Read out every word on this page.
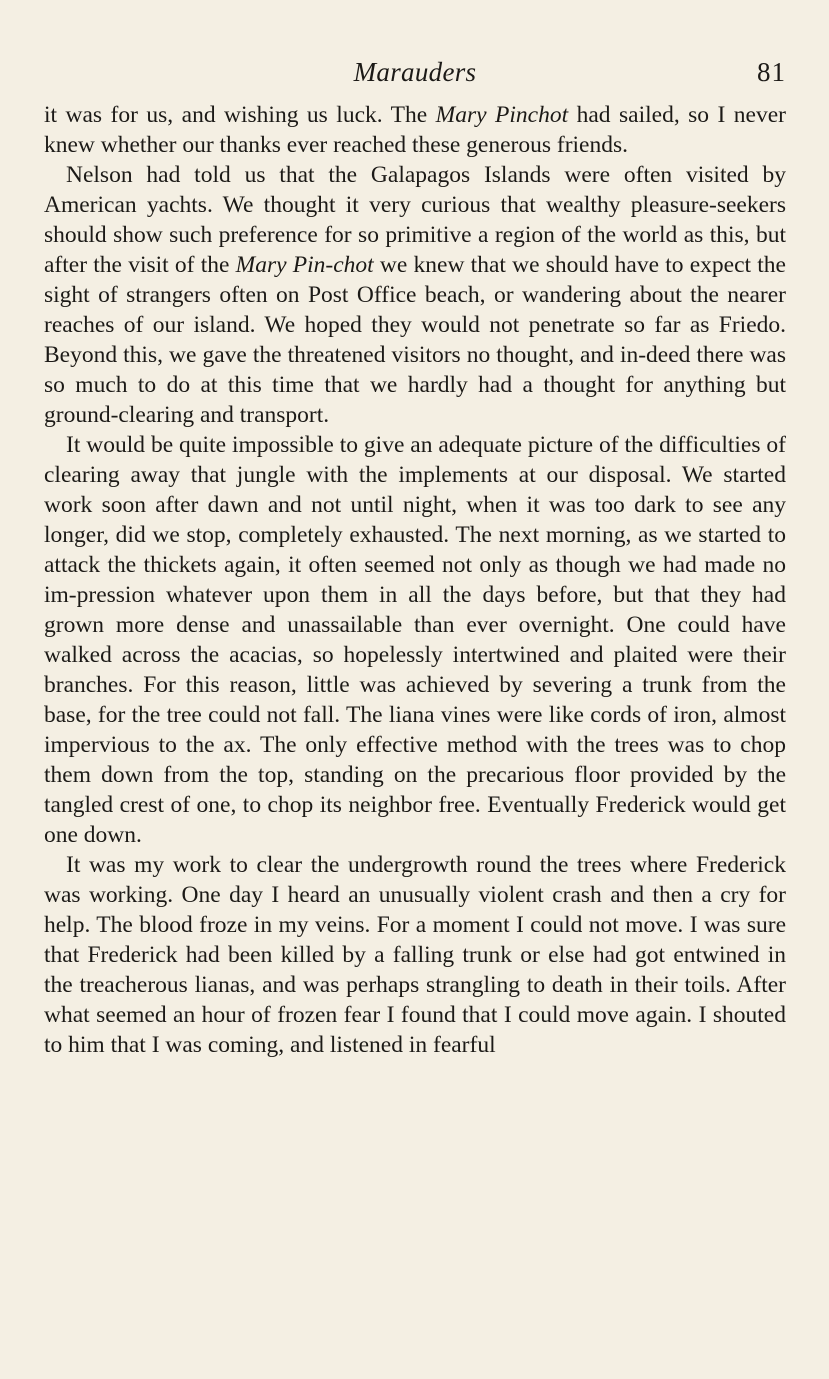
Marauders	81

it was for us, and wishing us luck. The Mary Pinchot had sailed, so I never knew whether our thanks ever reached these generous friends.

Nelson had told us that the Galapagos Islands were often visited by American yachts. We thought it very curious that wealthy pleasure-seekers should show such preference for so primitive a region of the world as this, but after the visit of the Mary Pin-chot we knew that we should have to expect the sight of strangers often on Post Office beach, or wandering about the nearer reaches of our island. We hoped they would not penetrate so far as Friedo. Beyond this, we gave the threatened visitors no thought, and in-deed there was so much to do at this time that we hardly had a thought for anything but ground-clearing and transport.

It would be quite impossible to give an adequate picture of the difficulties of clearing away that jungle with the implements at our disposal. We started work soon after dawn and not until night, when it was too dark to see any longer, did we stop, completely exhausted. The next morning, as we started to attack the thickets again, it often seemed not only as though we had made no im-pression whatever upon them in all the days before, but that they had grown more dense and unassailable than ever overnight. One could have walked across the acacias, so hopelessly intertwined and plaited were their branches. For this reason, little was achieved by severing a trunk from the base, for the tree could not fall. The liana vines were like cords of iron, almost impervious to the ax. The only effective method with the trees was to chop them down from the top, standing on the precarious floor provided by the tangled crest of one, to chop its neighbor free. Eventually Frederick would get one down.

It was my work to clear the undergrowth round the trees where Frederick was working. One day I heard an unusually violent crash and then a cry for help. The blood froze in my veins. For a moment I could not move. I was sure that Frederick had been killed by a falling trunk or else had got entwined in the treacherous lianas, and was perhaps strangling to death in their toils. After what seemed an hour of frozen fear I found that I could move again. I shouted to him that I was coming, and listened in fearful
